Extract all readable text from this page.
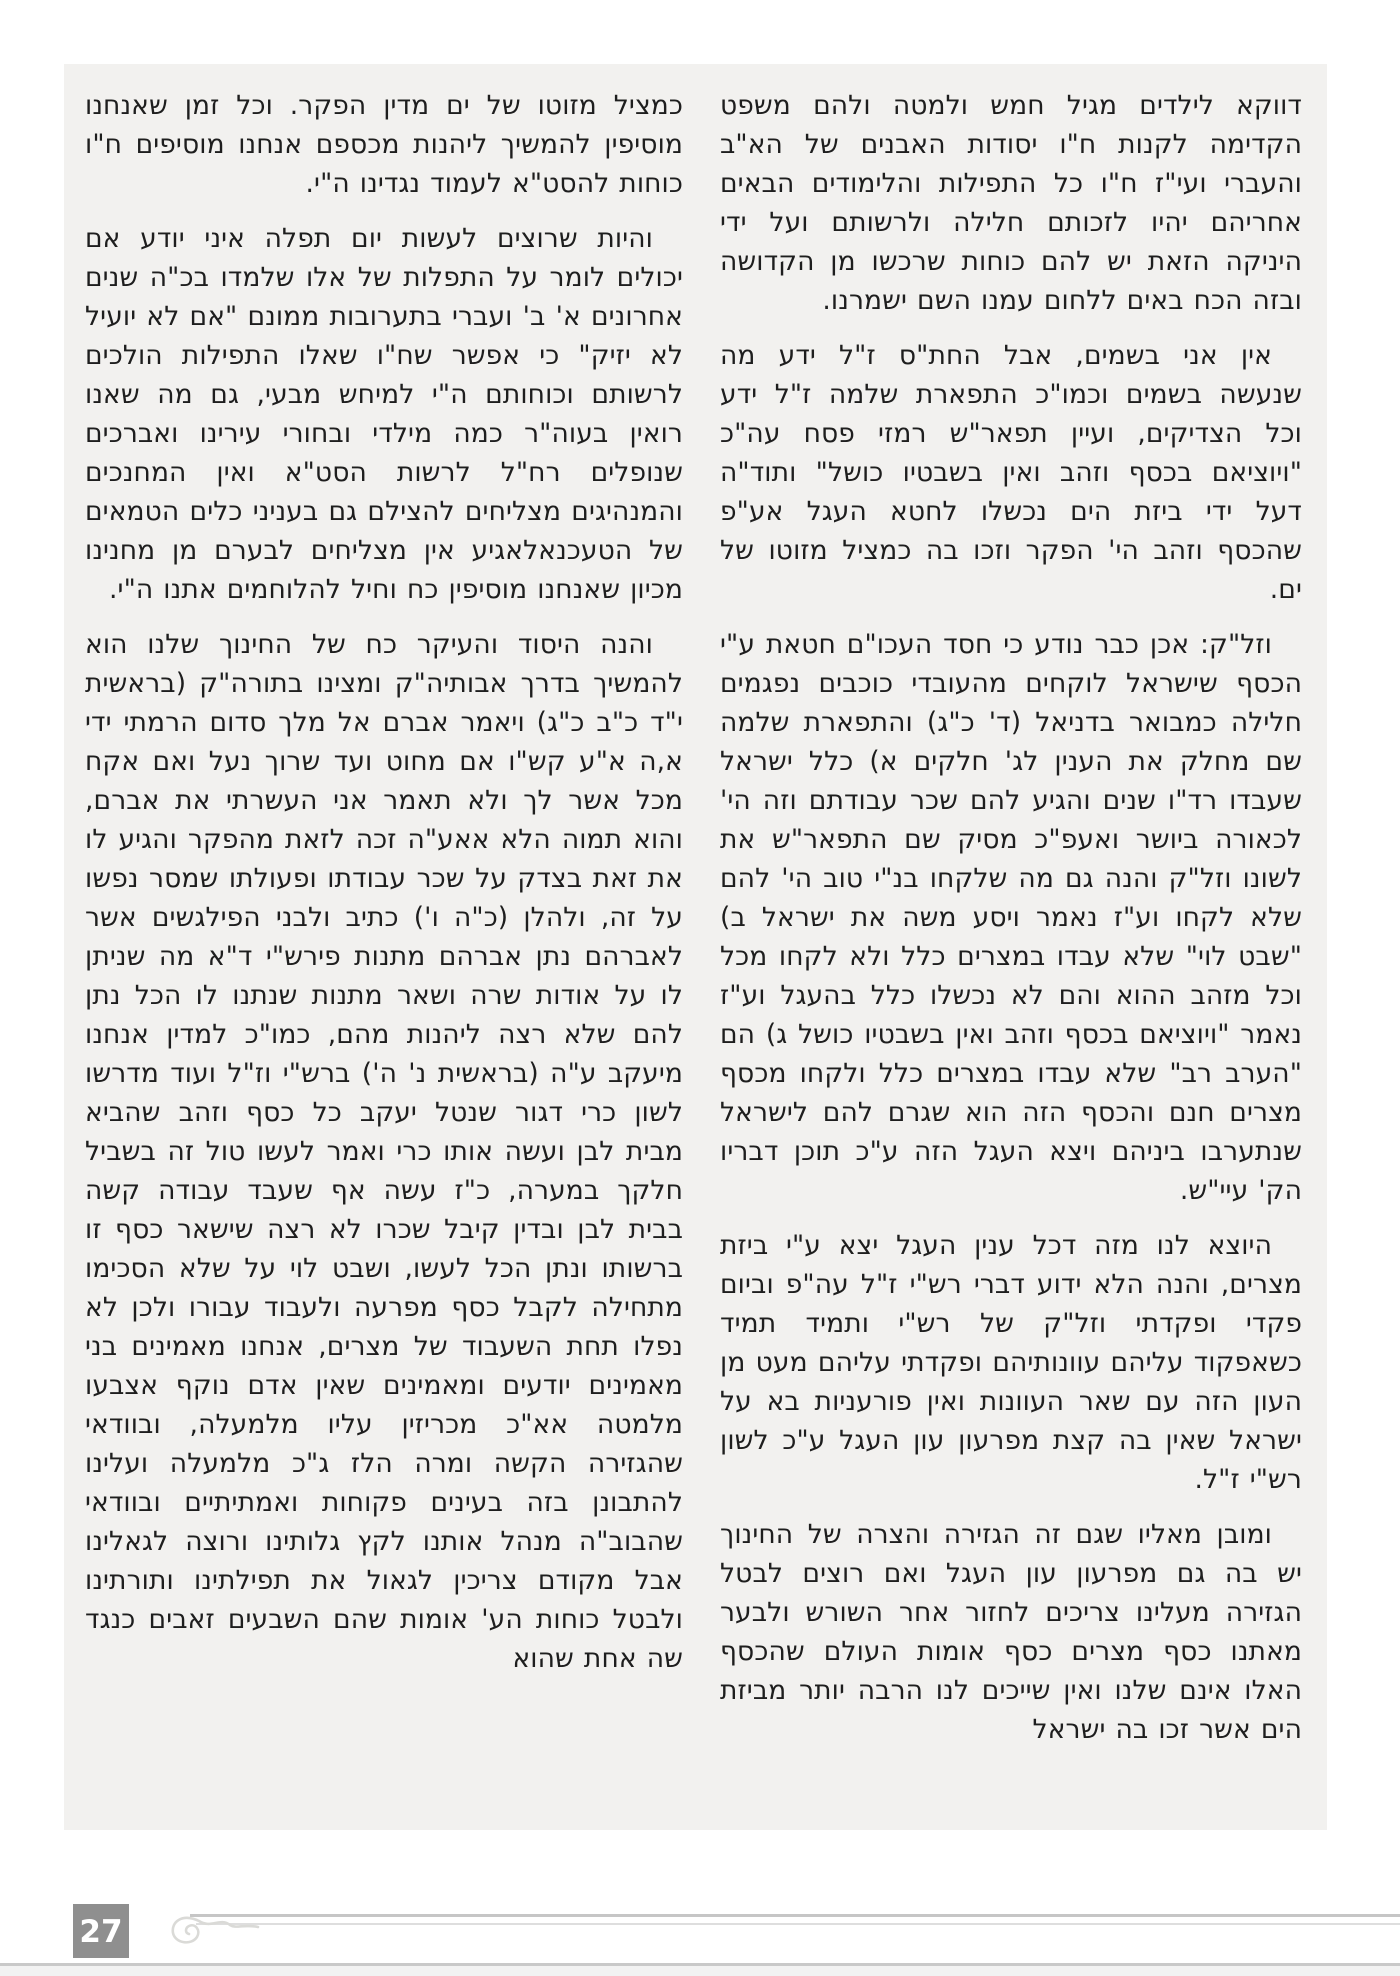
דווקא לילדים מגיל חמש ולמטה ולהם משפט הקדימה לקנות ח"ו יסודות האבנים של הא"ב והעברי ועי"ז ח"ו כל התפילות והלימודים הבאים אחריהם יהיו לזכותם חלילה ולרשותם ועל ידי היניקה הזאת יש להם כוחות שרכשו מן הקדושה ובזה הכח באים ללחום עמנו השם ישמרנו.

אין אני בשמים, אבל החת"ס ז"ל ידע מה שנעשה בשמים וכמו"כ התפארת שלמה ז"ל ידע וכל הצדיקים, ועיין תפאר"ש רמזי פסח עה"כ "ויוציאם בכסף וזהב ואין בשבטיו כושל" ותוד"ה דעל ידי ביזת הים נכשלו לחטא העגל אע"פ שהכסף וזהב הי' הפקר וזכו בה כמציל מזוטו של ים.

וזל"ק: אכן כבר נודע כי חסד העכו"ם חטאת ע"י הכסף שישראל לוקחים מהעובדי כוכבים נפגמים חלילה כמבואר בדניאל (ד' כ"ג) והתפארת שלמה שם מחלק את הענין לג' חלקים א) כלל ישראל שעבדו רד"ו שנים והגיע להם שכר עבודתם וזה הי' לכאורה ביושר ואעפ"כ מסיק שם התפאר"ש את לשונו וזל"ק והנה גם מה שלקחו בנ"י טוב הי' להם שלא לקחו וע"ז נאמר ויסע משה את ישראל ב) "שבט לוי" שלא עבדו במצרים כלל ולא לקחו מכל וכל מזהב ההוא והם לא נכשלו כלל בהעגל וע"ז נאמר "ויוציאם בכסף וזהב ואין בשבטיו כושל ג) הם "הערב רב" שלא עבדו במצרים כלל ולקחו מכסף מצרים חנם והכסף הזה הוא שגרם להם לישראל שנתערבו ביניהם ויצא העגל הזה ע"כ תוכן דבריו הק' עיי"ש.

היוצא לנו מזה דכל ענין העגל יצא ע"י ביזת מצרים, והנה הלא ידוע דברי רש"י ז"ל עה"פ וביום פקדי ופקדתי וזל"ק של רש"י ותמיד תמיד כשאפקוד עליהם עוונותיהם ופקדתי עליהם מעט מן העון הזה עם שאר העוונות ואין פורעניות בא על ישראל שאין בה קצת מפרעון עון העגל ע"כ לשון רש"י ז"ל.

ומובן מאליו שגם זה הגזירה והצרה של החינוך יש בה גם מפרעון עון העגל ואם רוצים לבטל הגזירה מעלינו צריכים לחזור אחר השורש ולבער מאתנו כסף מצרים כסף אומות העולם שהכסף האלו אינם שלנו ואין שייכים לנו הרבה יותר מביזת הים אשר זכו בה ישראל

כמציל מזוטו של ים מדין הפקר. וכל זמן שאנחנו מוסיפין להמשיך ליהנות מכספם אנחנו מוסיפים ח"ו כוחות להסט"א לעמוד נגדינו ה"י.

והיות שרוצים לעשות יום תפלה איני יודע אם יכולים לומר על התפלות של אלו שלמדו בכ"ה שנים אחרונים א' ב' ועברי בתערובות ממונם "אם לא יועיל לא יזיק" כי אפשר שח"ו שאלו התפילות הולכים לרשותם וכוחותם ה"י למיחש מבעי, גם מה שאנו רואין בעוה"ר כמה מילדי ובחורי עירינו ואברכים שנופלים רח"ל לרשות הסט"א ואין המחנכים והמנהיגים מצליחים להצילם גם בעניני כלים הטמאים של הטעכנאלאגיע אין מצליחים לבערם מן מחנינו מכיון שאנחנו מוסיפין כח וחיל להלוחמים אתנו ה"י.

והנה היסוד והעיקר כח של החינוך שלנו הוא להמשיך בדרך אבותיה"ק ומצינו בתורה"ק (בראשית י"ד כ"ב כ"ג) ויאמר אברם אל מלך סדום הרמתי ידי א,ה א"ע קש"ו אם מחוט ועד שרוך נעל ואם אקח מכל אשר לך ולא תאמר אני העשרתי את אברם, והוא תמוה הלא אאע"ה זכה לזאת מהפקר והגיע לו את זאת בצדק על שכר עבודתו ופעולתו שמסר נפשו על זה, ולהלן (כ"ה ו') כתיב ולבני הפילגשים אשר לאברהם נתן אברהם מתנות פירש"י ד"א מה שניתן לו על אודות שרה ושאר מתנות שנתנו לו הכל נתן להם שלא רצה ליהנות מהם, כמו"כ למדין אנחנו מיעקב ע"ה (בראשית נ' ה') ברש"י וז"ל ועוד מדרשו לשון כרי דגור שנטל יעקב כל כסף וזהב שהביא מבית לבן ועשה אותו כרי ואמר לעשו טול זה בשביל חלקך במערה, כ"ז עשה אף שעבד עבודה קשה בבית לבן ובדין קיבל שכרו לא רצה שישאר כסף זו ברשותו ונתן הכל לעשו, ושבט לוי על שלא הסכימו מתחילה לקבל כסף מפרעה ולעבוד עבורו ולכן לא נפלו תחת השעבוד של מצרים, אנחנו מאמינים בני מאמינים יודעים ומאמינים שאין אדם נוקף אצבעו מלמטה אא"כ מכריזין עליו מלמעלה, ובוודאי שהגזירה הקשה ומרה הלז ג"כ מלמעלה ועלינו להתבונן בזה בעינים פקוחות ואמתיתיים ובוודאי שהבוב"ה מנהל אותנו לקץ גלותינו ורוצה לגאלינו אבל מקודם צריכין לגאול את תפילתינו ותורתינו ולבטל כוחות הע' אומות שהם השבעים זאבים כנגד שה אחת שהוא

27
